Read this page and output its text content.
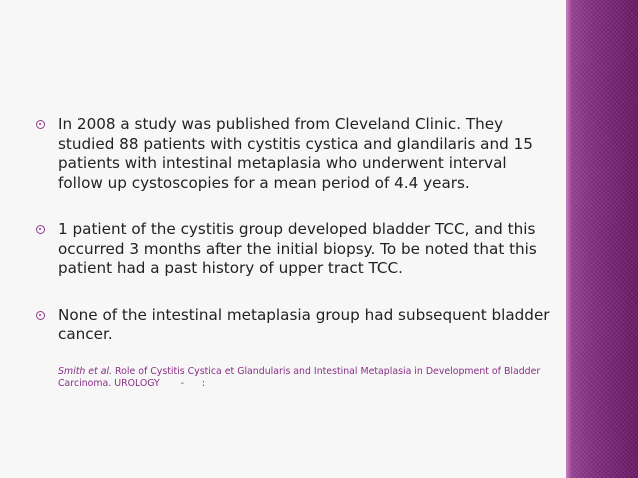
In 2008 a study was published from Cleveland Clinic. They studied 88 patients with cystitis cystica and glandilaris and 15 patients with intestinal metaplasia who underwent interval follow up cystoscopies for a mean period of 4.4 years.
1 patient of the cystitis group developed bladder TCC, and this occurred 3 months after the initial biopsy. To be noted that this patient had a past history of upper tract TCC.
None of the intestinal metaplasia group had subsequent bladder cancer.
Smith et al. Role of Cystitis Cystica et Glandularis and Intestinal Metaplasia in Development of Bladder Carcinoma. UROLOGY       -      :
